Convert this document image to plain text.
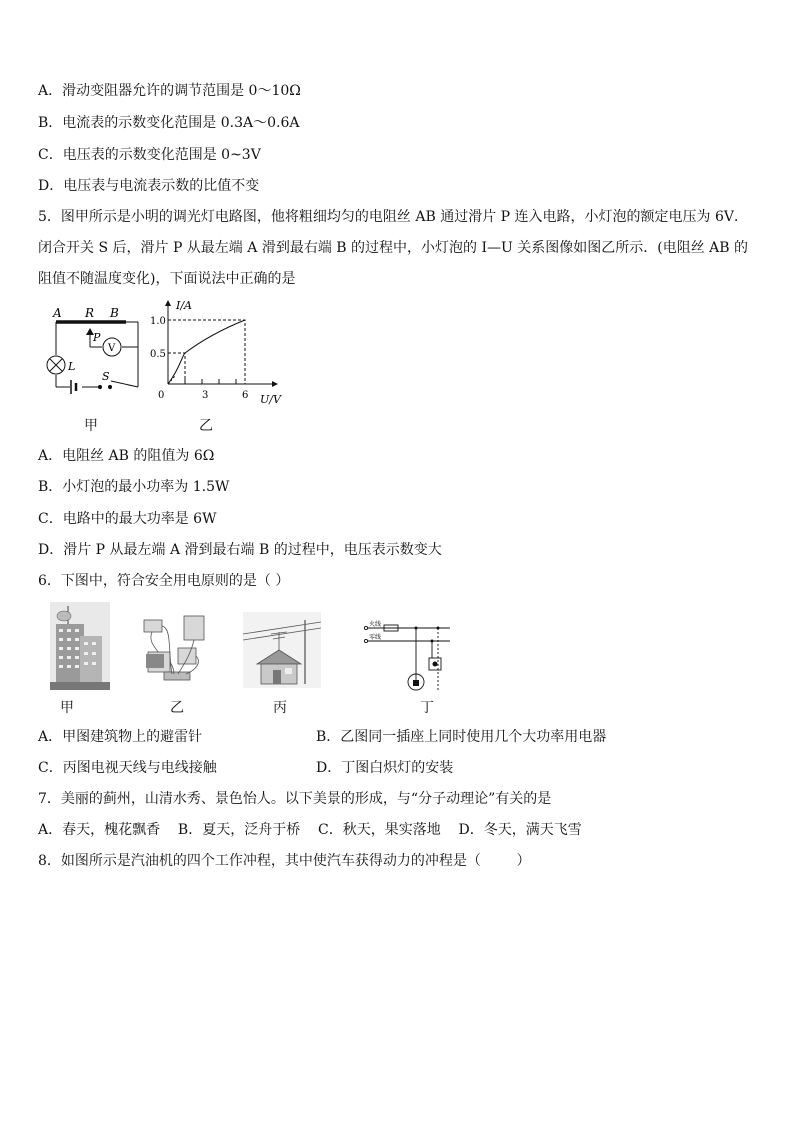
A．滑动变阻器允许的调节范围是 0～10Ω
B．电流表的示数变化范围是 0.3A～0.6A
C．电压表的示数变化范围是 0~3V
D．电压表与电流表示数的比值不变
5．图甲所示是小明的调光灯电路图，他将粗细均匀的电阻丝 AB 通过滑片 P 连入电路，小灯泡的额定电压为 6V．闭合开关 S 后，滑片 P 从最左端 A 滑到最右端 B 的过程中，小灯泡的 I—U 关系图像如图乙所示．(电阻丝 AB 的阻值不随温度变化)，下面说法中正确的是
A R B
P
V
L
S
甲
I/A
1.0
0.5
0	3	6 U/V
乙
A．电阻丝 AB 的阻值为 6Ω
B．小灯泡的最小功率为 1.5W
C．电路中的最大功率是 6W
D．滑片 P 从最左端 A 滑到最右端 B 的过程中，电压表示数变大
6．下图中，符合安全用电原则的是（ ）
甲	乙	丙
火线
零线
丁
A．甲图建筑物上的避雷针	B．乙图同一插座上同时使用几个大功率用电器
C．丙图电视天线与电线接触	D．丁图白炽灯的安装
7．美丽的蓟州，山清水秀、景色怡人。以下美景的形成，与“分子动理论”有关的是
A．春天，槐花飘香    B．夏天，泛舟于桥    C．秋天，果实落地    D．冬天，满天飞雪
8．如图所示是汽油机的四个工作冲程，其中使汽车获得动力的冲程是（        ）
